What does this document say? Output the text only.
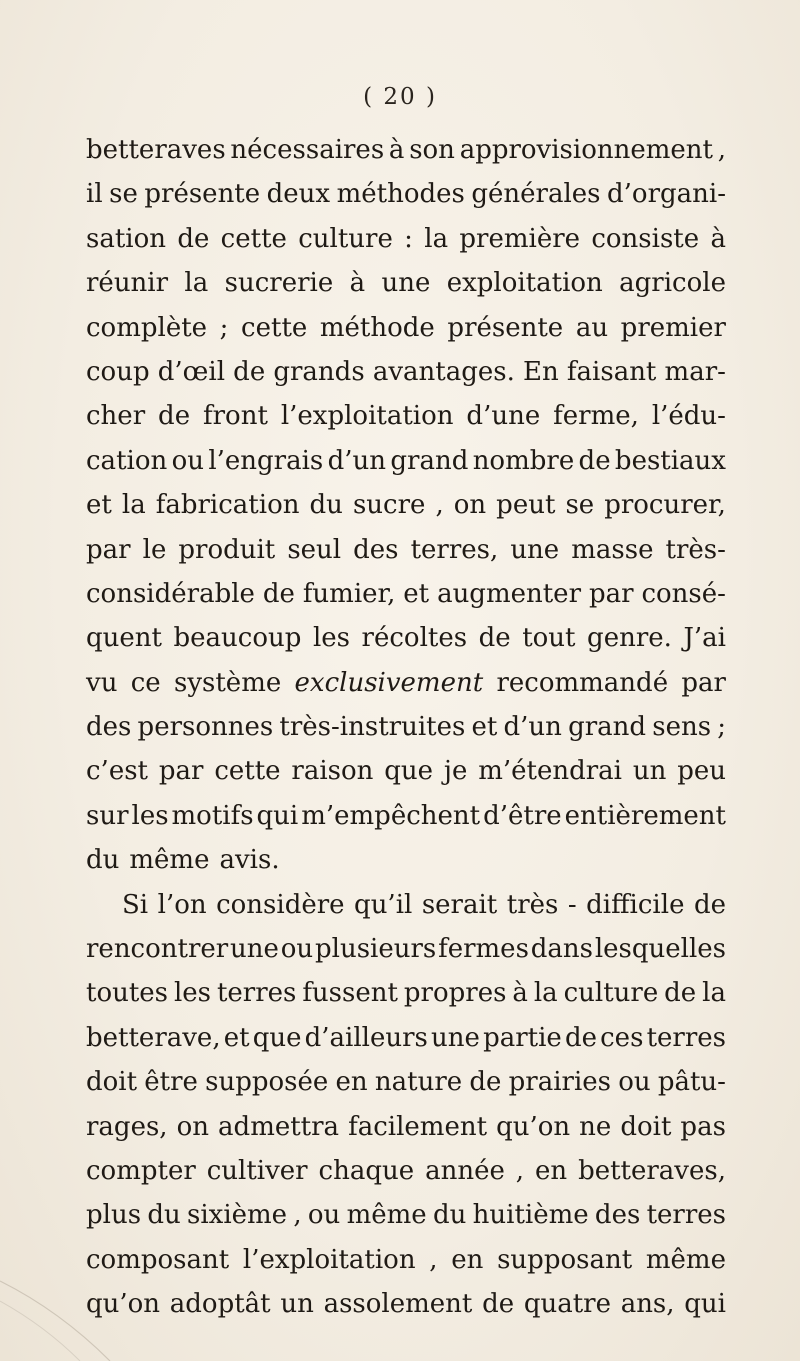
( 20 )
betteraves nécessaires à son approvisionnement ,
il se présente deux méthodes générales d’organi-
sation de cette culture : la première consiste à
réunir la sucrerie à une exploitation agricole
complète ; cette méthode présente au premier
coup d’œil de grands avantages. En faisant mar-
cher de front l’exploitation d’une ferme, l’édu-
cation ou l’engrais d’un grand nombre de bestiaux
et la fabrication du sucre , on peut se procurer,
par le produit seul des terres, une masse très-
considérable de fumier, et augmenter par consé-
quent beaucoup les récoltes de tout genre. J’ai
vu ce système exclusivement recommandé par
des personnes très-instruites et d’un grand sens ;
c’est par cette raison que je m’étendrai un peu
sur les motifs qui m’empêchent d’être entièrement
du même avis.
Si l’on considère qu’il serait très - difficile de
rencontrer une ou plusieurs fermes dans lesquelles
toutes les terres fussent propres à la culture de la
betterave, et que d’ailleurs une partie de ces terres
doit être supposée en nature de prairies ou pâtu-
rages, on admettra facilement qu’on ne doit pas
compter cultiver chaque année , en betteraves,
plus du sixième , ou même du huitième des terres
composant l’exploitation , en supposant même
qu’on adoptât un assolement de quatre ans, qui
